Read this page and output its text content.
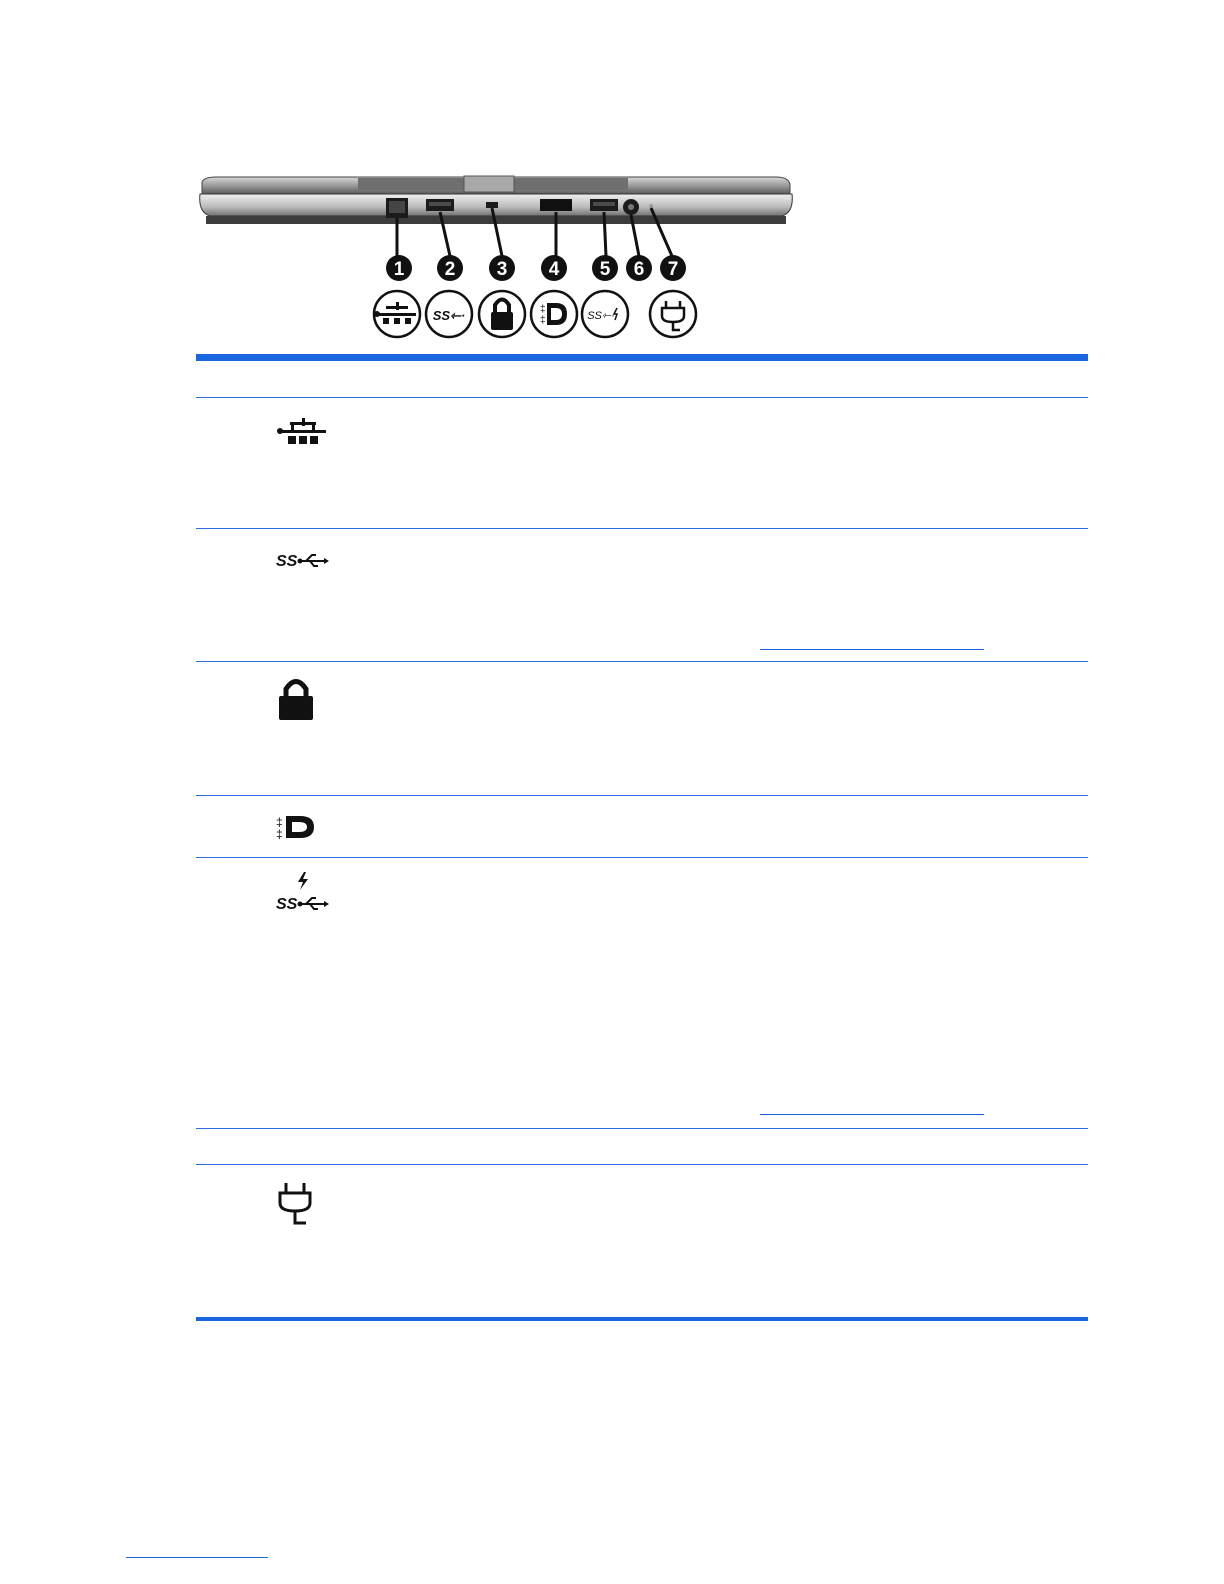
1 2 3 4 5 6 7
SS⇽·	‡
‡	SS⇽·
SS
‡
‡
SS
